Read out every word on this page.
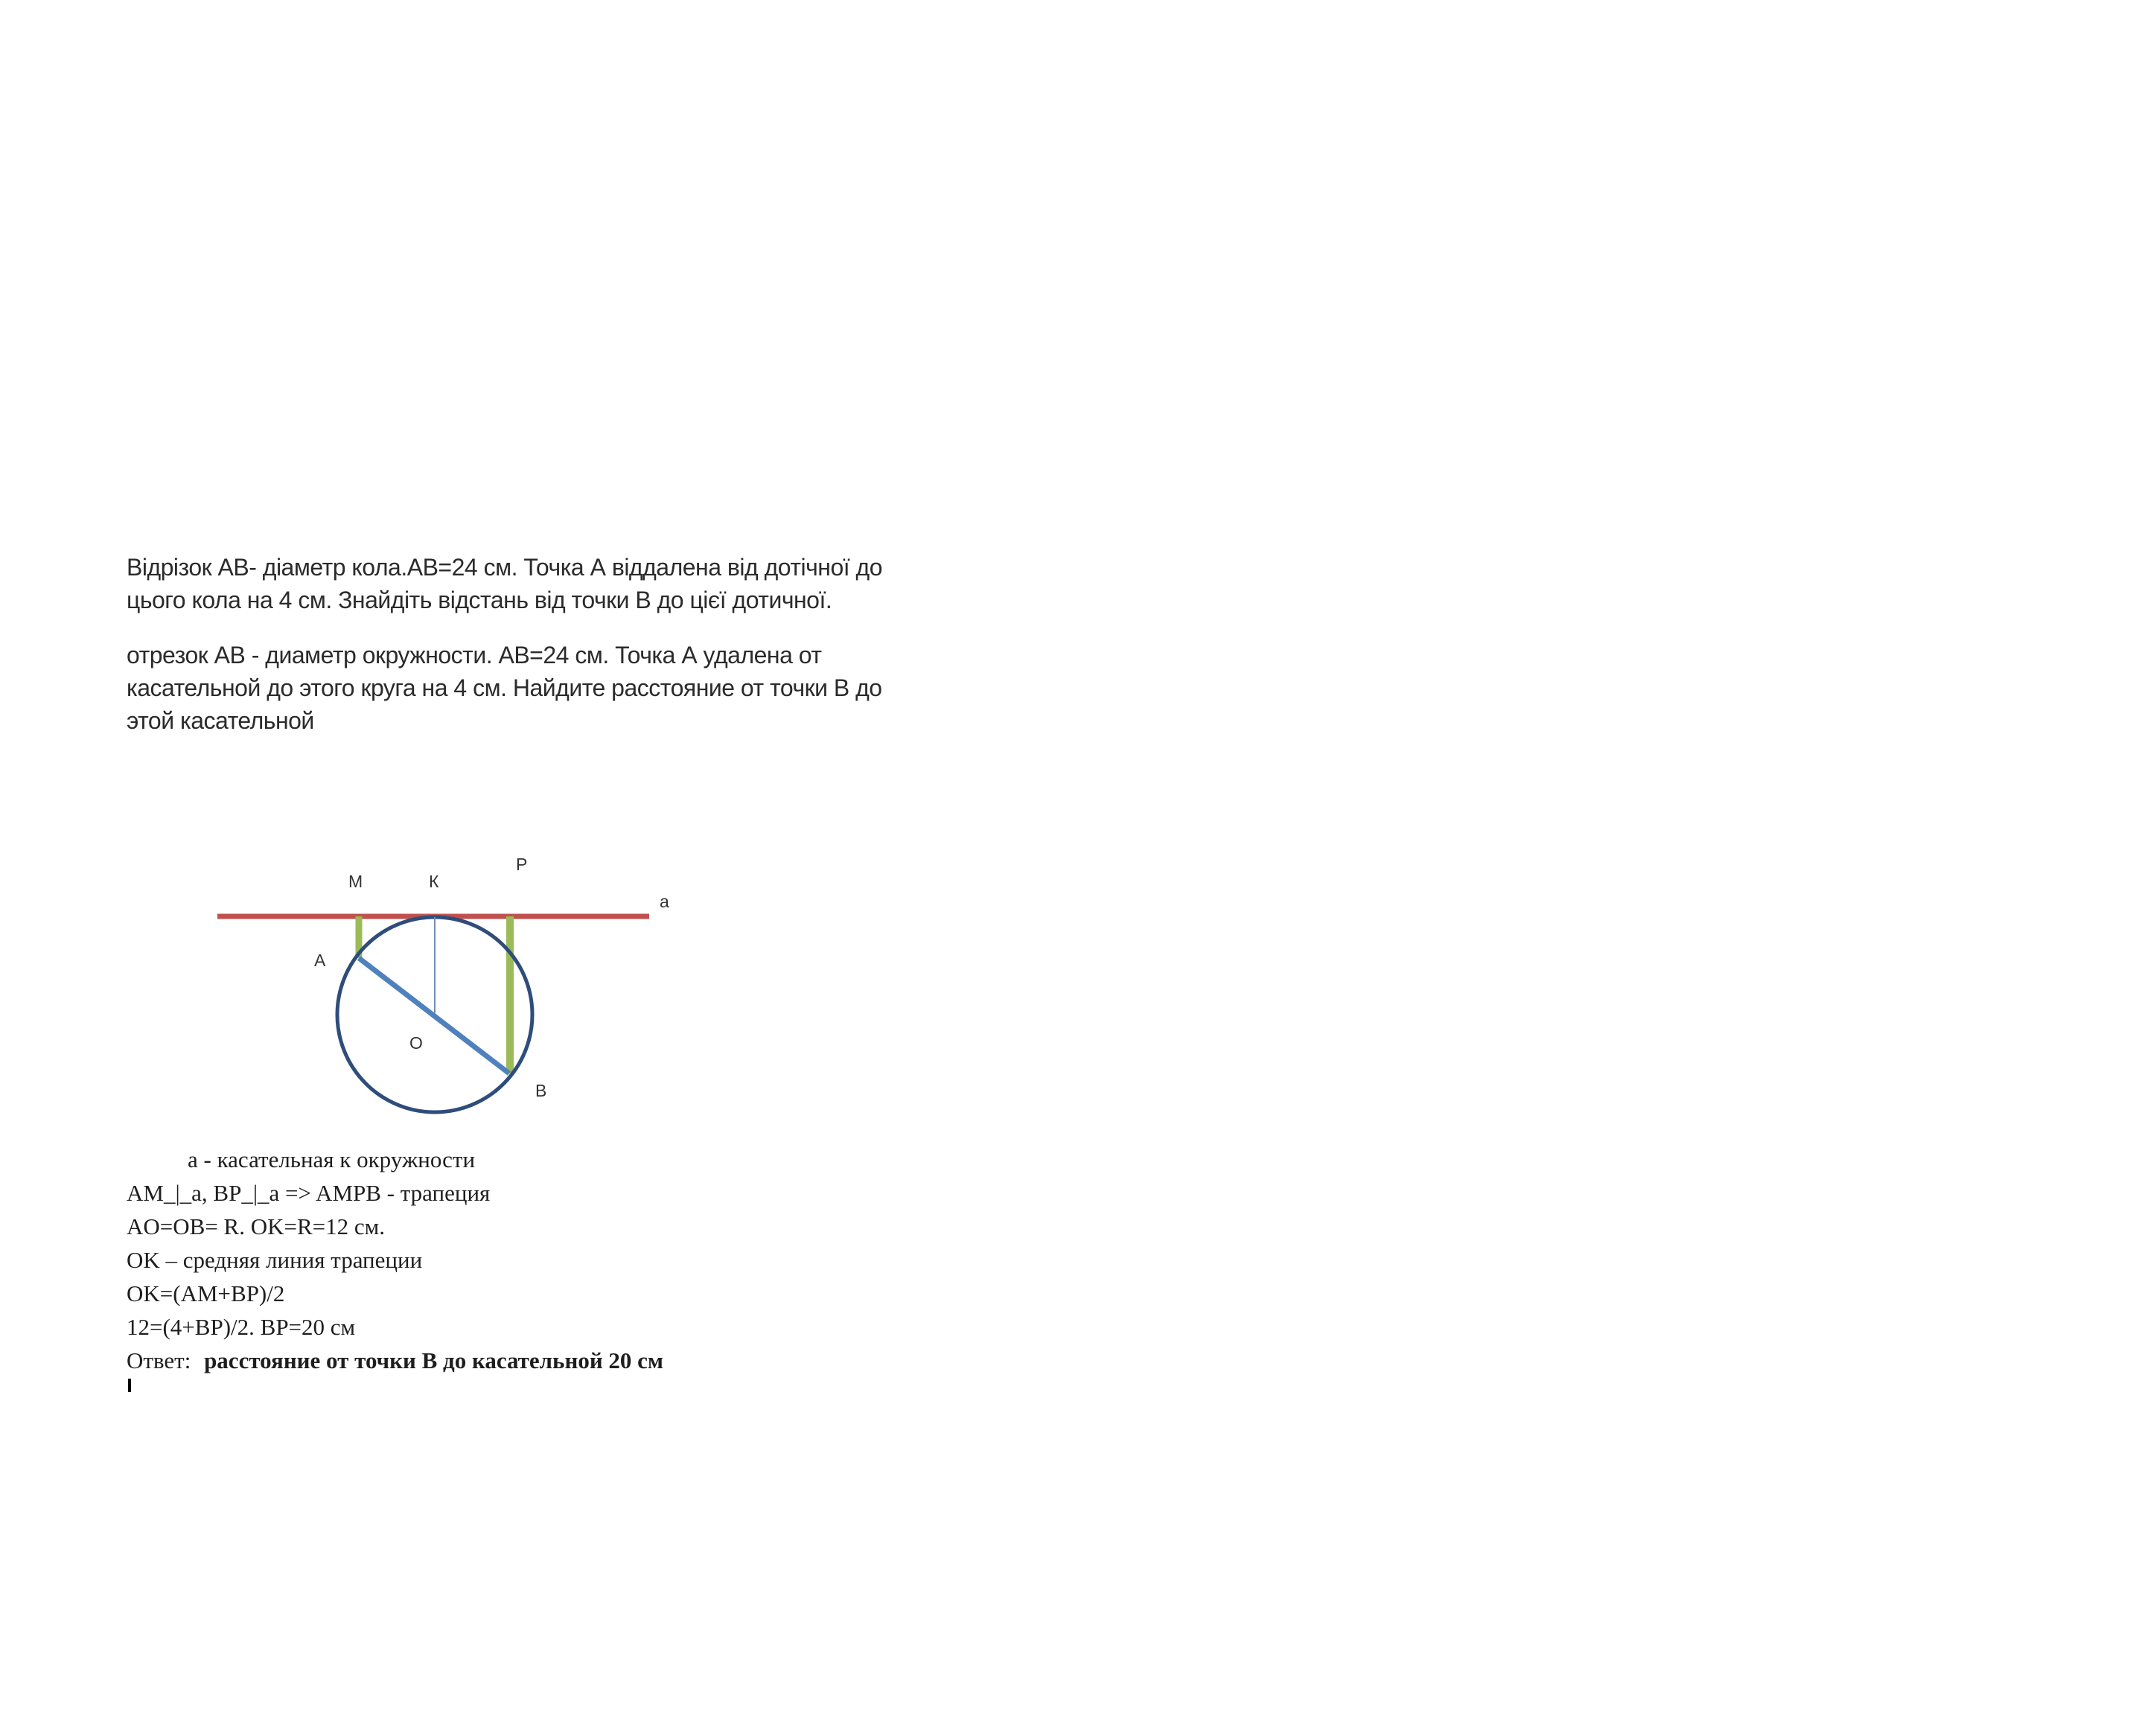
Відрізок АВ- діаметр кола.АВ=24 см. Точка А віддалена від дотічної до

цього кола на 4 см. Знайдіть відстань від точки В до цієї дотичної.

отрезок АВ - диаметр окружности. АВ=24 см. Точка А удалена от

касательной до этого круга на 4 см. Найдите расстояние от точки В до

этой касательной

М	К
Р
а
А
О
В

a - касательная к окружности

AM_|_a, BP_|_a => AMPB - трапеция

AO=OB= R. OK=R=12 см.

OK – средняя линия трапеции

OK=(AM+BP)/2

12=(4+BP)/2. BP=20 см

Ответ: расстояние от точки В до касательной 20 см
